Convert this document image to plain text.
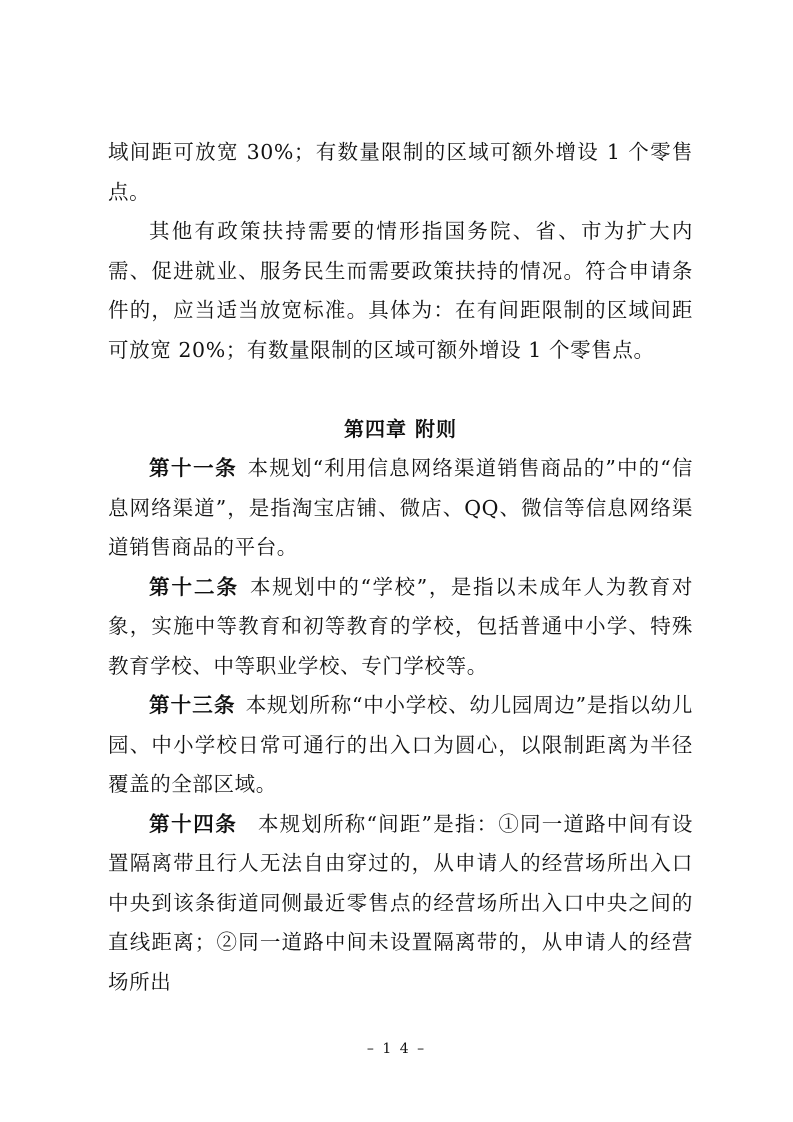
域间距可放宽 30%；有数量限制的区域可额外增设 1 个零售点。

其他有政策扶持需要的情形指国务院、省、市为扩大内需、促进就业、服务民生而需要政策扶持的情况。符合申请条件的，应当适当放宽标准。具体为：在有间距限制的区域间距可放宽 20%；有数量限制的区域可额外增设 1 个零售点。

第四章 附则

第十一条 本规划“利用信息网络渠道销售商品的”中的“信息网络渠道”，是指淘宝店铺、微店、QQ、微信等信息网络渠道销售商品的平台。

第十二条 本规划中的“学校”，是指以未成年人为教育对象，实施中等教育和初等教育的学校，包括普通中小学、特殊教育学校、中等职业学校、专门学校等。

第十三条 本规划所称“中小学校、幼儿园周边”是指以幼儿园、中小学校日常可通行的出入口为圆心，以限制距离为半径覆盖的全部区域。

第十四条 本规划所称“间距”是指：①同一道路中间有设置隔离带且行人无法自由穿过的，从申请人的经营场所出入口中央到该条街道同侧最近零售点的经营场所出入口中央之间的直线距离；②同一道路中间未设置隔离带的，从申请人的经营场所出

– 1 4 –
